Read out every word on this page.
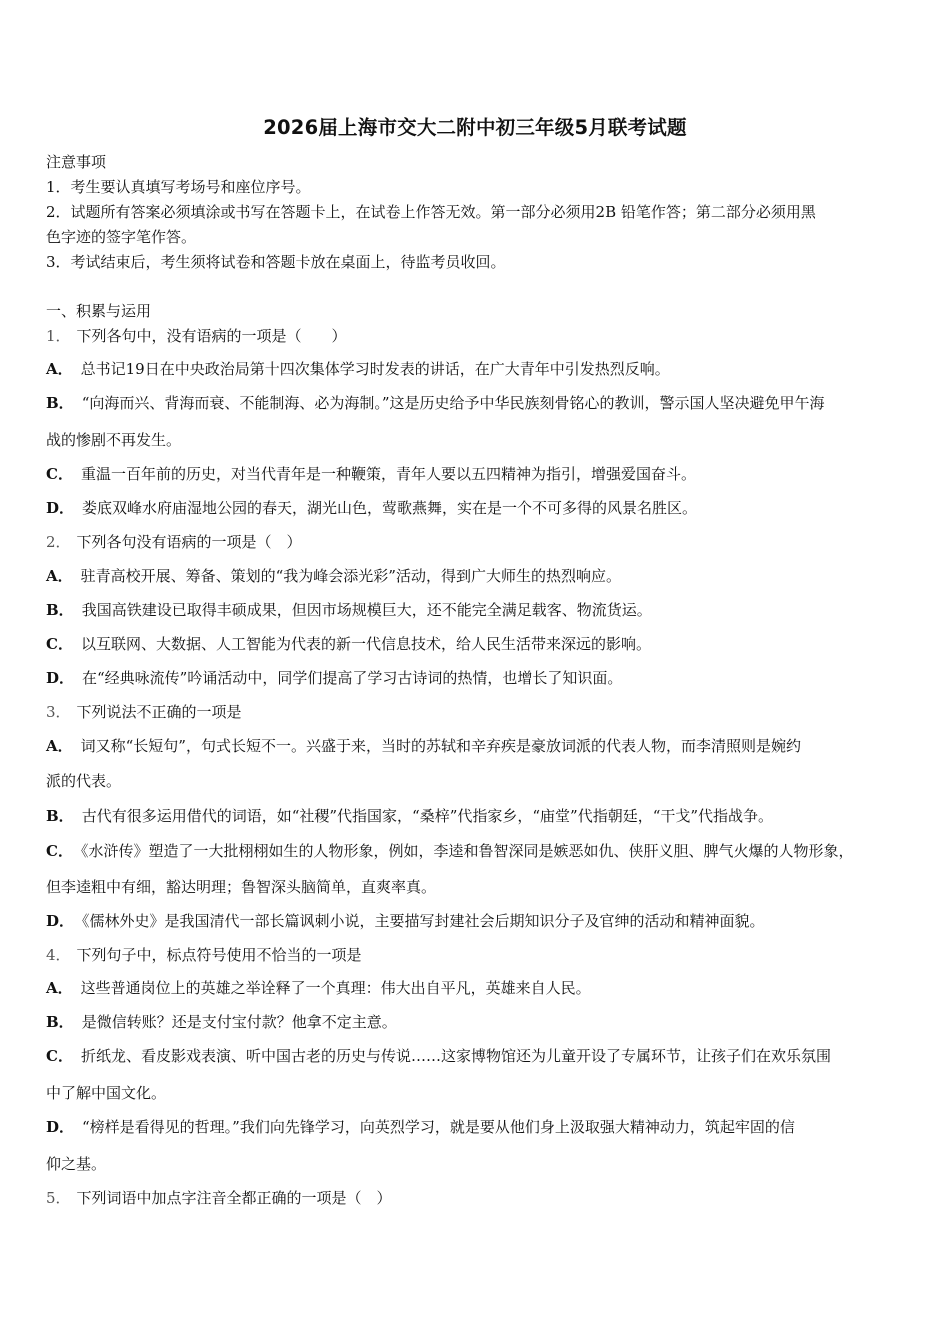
2026届上海市交大二附中初三年级5月联考试题
注意事项
1．考生要认真填写考场号和座位序号。
2．试题所有答案必须填涂或书写在答题卡上，在试卷上作答无效。第一部分必须用2B 铅笔作答；第二部分必须用黑
色字迹的签字笔作答。
3．考试结束后，考生须将试卷和答题卡放在桌面上，待监考员收回。
一、积累与运用
1． 下列各句中，没有语病的一项是（　　）
A． 总书记19日在中央政治局第十四次集体学习时发表的讲话，在广大青年中引发热烈反响。
B． “向海而兴、背海而衰、不能制海、必为海制。”这是历史给予中华民族刻骨铭心的教训，警示国人坚决避免甲午海
战的惨剧不再发生。
C． 重温一百年前的历史，对当代青年是一种鞭策，青年人要以五四精神为指引，增强爱国奋斗。
D． 娄底双峰水府庙湿地公园的春天，湖光山色，莺歌燕舞，实在是一个不可多得的风景名胜区。
2． 下列各句没有语病的一项是（　）
A． 驻青高校开展、筹备、策划的“我为峰会添光彩”活动，得到广大师生的热烈响应。
B． 我国高铁建设已取得丰硕成果，但因市场规模巨大，还不能完全满足载客、物流货运。
C． 以互联网、大数据、人工智能为代表的新一代信息技术，给人民生活带来深远的影响。
D． 在“经典咏流传”吟诵活动中，同学们提高了学习古诗词的热情，也增长了知识面。
3． 下列说法不正确的一项是
A． 词又称“长短句”，句式长短不一。兴盛于来，当时的苏轼和辛弃疾是豪放词派的代表人物，而李清照则是婉约
派的代表。
B． 古代有很多运用借代的词语，如“社稷”代指国家，“桑梓”代指家乡，“庙堂”代指朝廷，“干戈”代指战争。
C． 《水浒传》塑造了一大批栩栩如生的人物形象，例如，李逵和鲁智深同是嫉恶如仇、侠肝义胆、脾气火爆的人物形象，
但李逵粗中有细，豁达明理；鲁智深头脑简单，直爽率真。
D． 《儒林外史》是我国清代一部长篇讽刺小说，主要描写封建社会后期知识分子及官绅的活动和精神面貌。
4． 下列句子中，标点符号使用不恰当的一项是
A． 这些普通岗位上的英雄之举诠释了一个真理：伟大出自平凡，英雄来自人民。
B． 是微信转账？还是支付宝付款？他拿不定主意。
C． 折纸龙、看皮影戏表演、听中国古老的历史与传说……这家博物馆还为儿童开设了专属环节，让孩子们在欢乐氛围
中了解中国文化。
D． “榜样是看得见的哲理。”我们向先锋学习，向英烈学习，就是要从他们身上汲取强大精神动力，筑起牢固的信
仰之基。
5． 下列词语中加点字注音全都正确的一项是（　）
